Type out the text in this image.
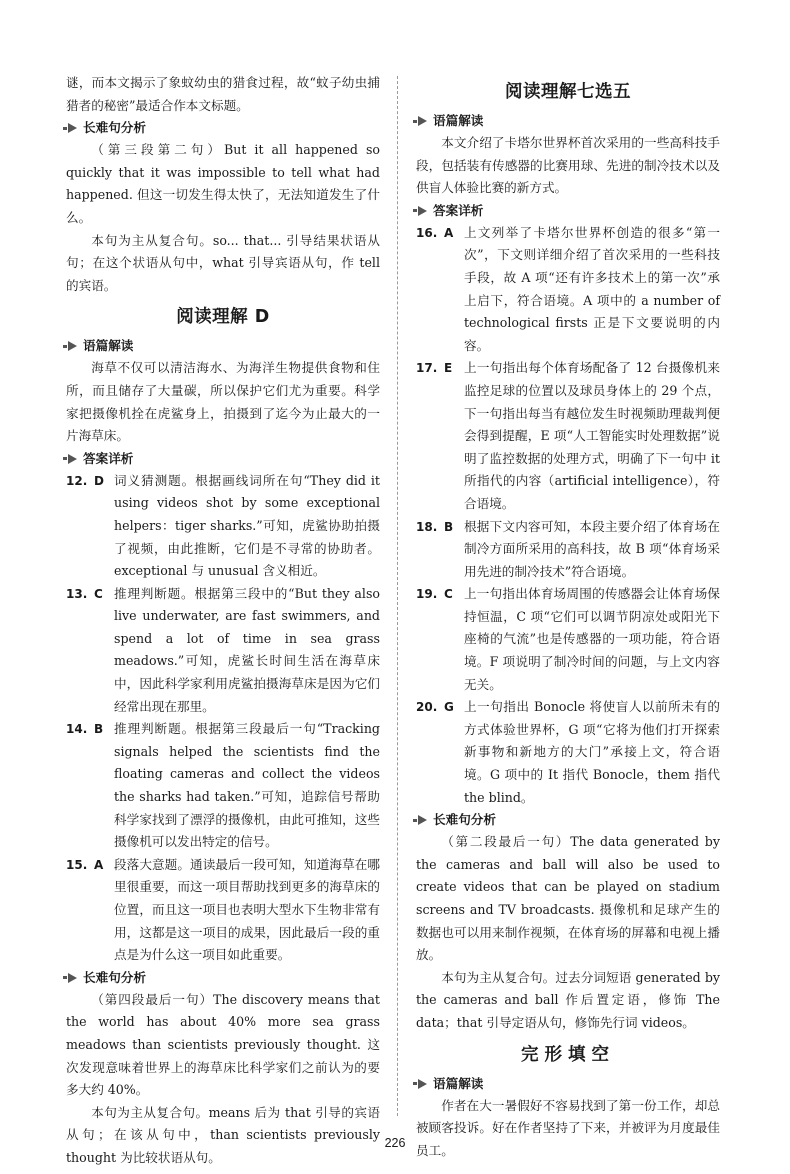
谜，而本文揭示了象蚊幼虫的猎食过程，故“蚊子幼虫捕猎者的秘密”最适合作本文标题。

长难句分析

（第三段第二句）But it all happened so quickly that it was impossible to tell what had happened. 但这一切发生得太快了，无法知道发生了什么。

本句为主从复合句。so... that... 引导结果状语从句；在这个状语从句中，what 引导宾语从句，作 tell 的宾语。

阅读理解 D
语篇解读

海草不仅可以清洁海水、为海洋生物提供食物和住所，而且储存了大量碳，所以保护它们尤为重要。科学家把摄像机拴在虎鲨身上，拍摄到了迄今为止最大的一片海草床。

答案详析
12. D 词义猜测题。根据画线词所在句“They did it using videos shot by some exceptional helpers：tiger sharks.”可知，虎鲨协助拍摄了视频，由此推断，它们是不寻常的协助者。exceptional 与 unusual 含义相近。
13. C 推理判断题。根据第三段中的“But they also live underwater, are fast swimmers, and spend a lot of time in sea grass meadows.”可知，虎鲨长时间生活在海草床中，因此科学家利用虎鲨拍摄海草床是因为它们经常出现在那里。
14. B 推理判断题。根据第三段最后一句“Tracking signals helped the scientists find the floating cameras and collect the videos the sharks had taken.”可知，追踪信号帮助科学家找到了漂浮的摄像机，由此可推知，这些摄像机可以发出特定的信号。
15. A 段落大意题。通读最后一段可知，知道海草在哪里很重要，而这一项目帮助找到更多的海草床的位置，而且这一项目也表明大型水下生物非常有用，这都是这一项目的成果，因此最后一段的重点是为什么这一项目如此重要。
长难句分析

（第四段最后一句）The discovery means that the world has about 40% more sea grass meadows than scientists previously thought. 这次发现意味着世界上的海草床比科学家们之前认为的要多大约 40%。

本句为主从复合句。means 后为 that 引导的宾语从句；在该从句中，than scientists previously thought 为比较状语从句。

阅读理解七选五
语篇解读

本文介绍了卡塔尔世界杯首次采用的一些高科技手段，包括装有传感器的比赛用球、先进的制冷技术以及供盲人体验比赛的新方式。

答案详析
16. A 上文列举了卡塔尔世界杯创造的很多“第一次”，下文则详细介绍了首次采用的一些科技手段，故 A 项“还有许多技术上的第一次”承上启下，符合语境。A 项中的 a number of technological firsts 正是下文要说明的内容。
17. E 上一句指出每个体育场配备了 12 台摄像机来监控足球的位置以及球员身体上的 29 个点，下一句指出每当有越位发生时视频助理裁判便会得到提醒，E 项“人工智能实时处理数据”说明了监控数据的处理方式，明确了下一句中 it 所指代的内容（artificial intelligence），符合语境。
18. B 根据下文内容可知，本段主要介绍了体育场在制冷方面所采用的高科技，故 B 项“体育场采用先进的制冷技术”符合语境。
19. C 上一句指出体育场周围的传感器会让体育场保持恒温，C 项“它们可以调节阴凉处或阳光下座椅的气流”也是传感器的一项功能，符合语境。F 项说明了制冷时间的问题，与上文内容无关。
20. G 上一句指出 Bonocle 将使盲人以前所未有的方式体验世界杯，G 项“它将为他们打开探索新事物和新地方的大门”承接上文，符合语境。G 项中的 It 指代 Bonocle，them 指代 the blind。
长难句分析

（第二段最后一句）The data generated by the cameras and ball will also be used to create videos that can be played on stadium screens and TV broadcasts. 摄像机和足球产生的数据也可以用来制作视频，在体育场的屏幕和电视上播放。

本句为主从复合句。过去分词短语 generated by the cameras and ball 作后置定语，修饰 The data；that 引导定语从句，修饰先行词 videos。

完形填空
语篇解读

作者在大一暑假好不容易找到了第一份工作，却总被顾客投诉。好在作者坚持了下来，并被评为月度最佳员工。

226
